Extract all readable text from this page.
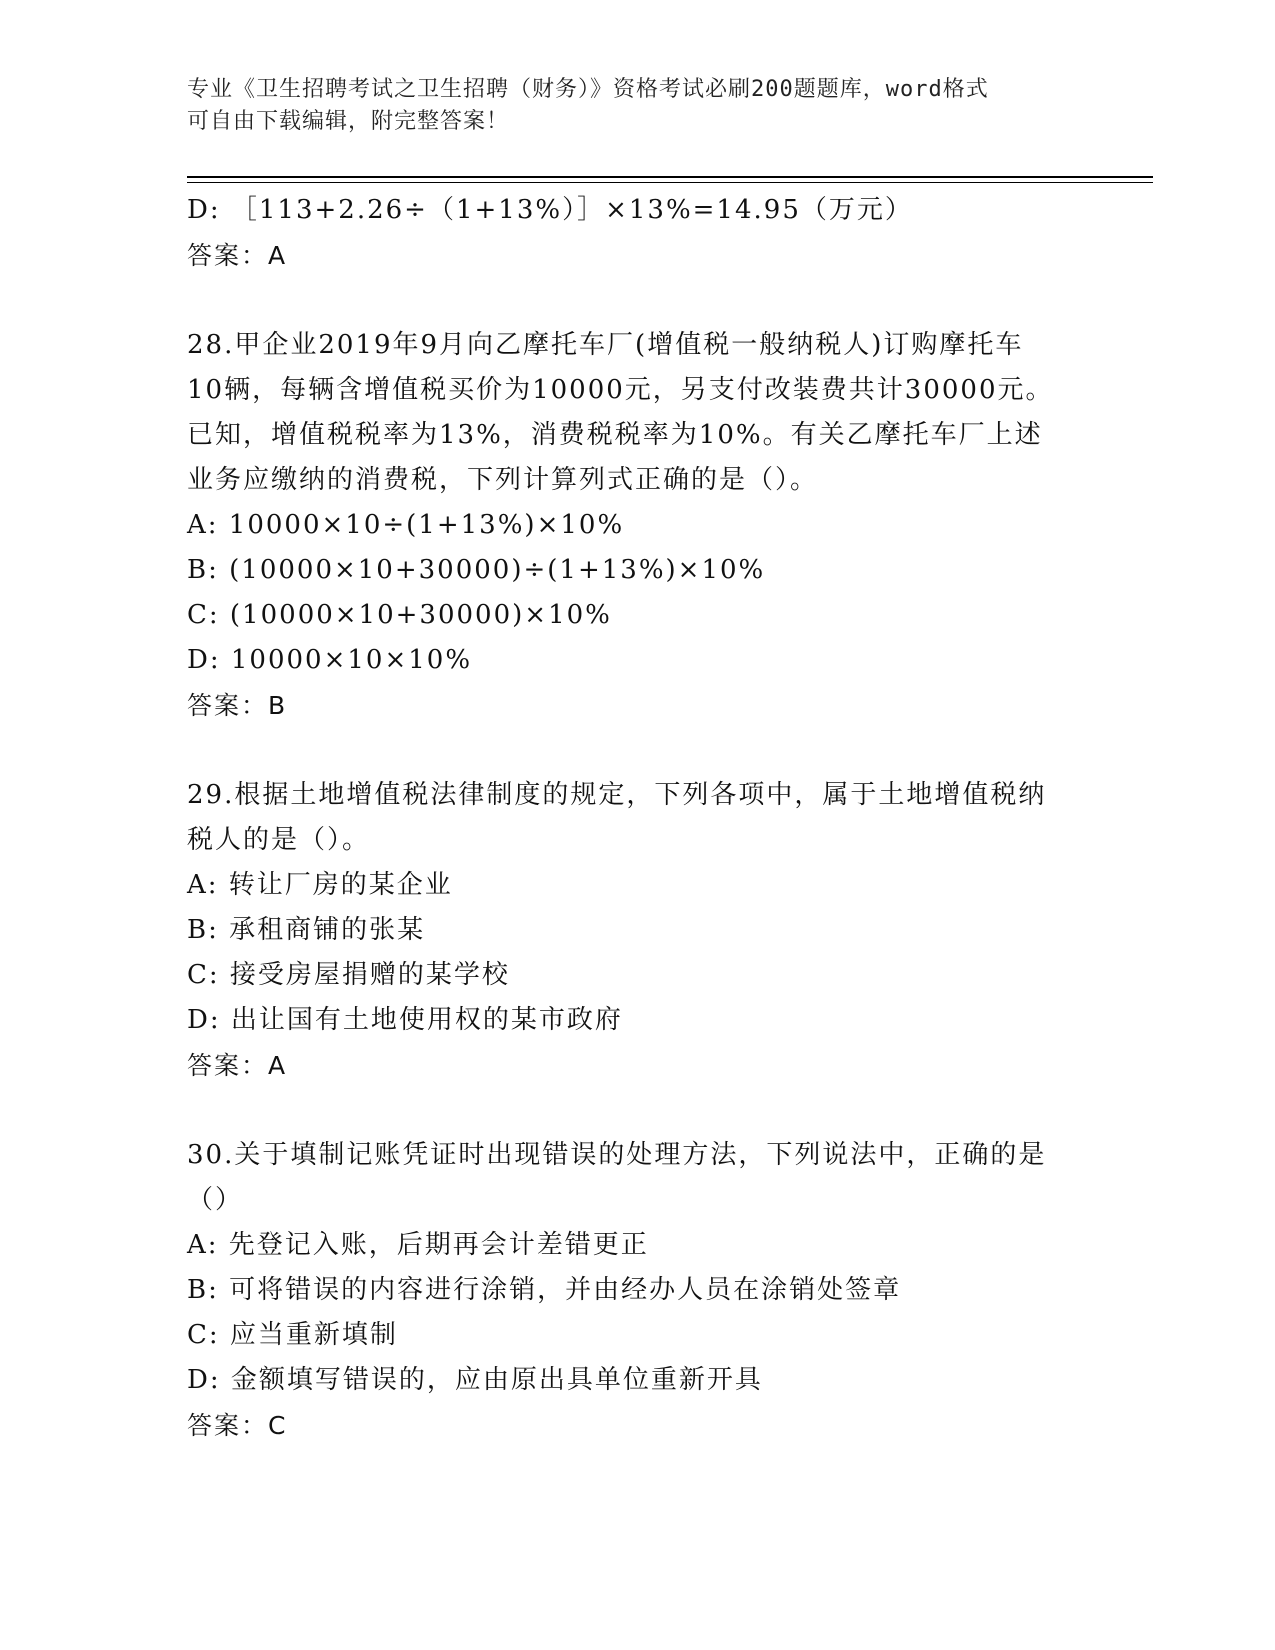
专业《卫生招聘考试之卫生招聘（财务）》资格考试必刷200题题库，word格式
可自由下载编辑，附完整答案！

D: ［113+2.26÷（1+13%）］×13%=14.95（万元）

答案：A

28.甲企业2019年9月向乙摩托车厂(增值税一般纳税人)订购摩托车

10辆，每辆含增值税买价为10000元，另支付改装费共计30000元。

已知，增值税税率为13%，消费税税率为10%。有关乙摩托车厂上述

业务应缴纳的消费税，下列计算列式正确的是（）。

A: 10000×10÷(1+13%)×10%

B: (10000×10+30000)÷(1+13%)×10%

C: (10000×10+30000)×10%

D: 10000×10×10%

答案：B

29.根据土地增值税法律制度的规定，下列各项中，属于土地增值税纳

税人的是（）。

A: 转让厂房的某企业

B: 承租商铺的张某

C: 接受房屋捐赠的某学校

D: 出让国有土地使用权的某市政府

答案：A

30.关于填制记账凭证时出现错误的处理方法，下列说法中，正确的是

（）

A: 先登记入账，后期再会计差错更正

B: 可将错误的内容进行涂销，并由经办人员在涂销处签章

C: 应当重新填制

D: 金额填写错误的，应由原出具单位重新开具

答案：C
